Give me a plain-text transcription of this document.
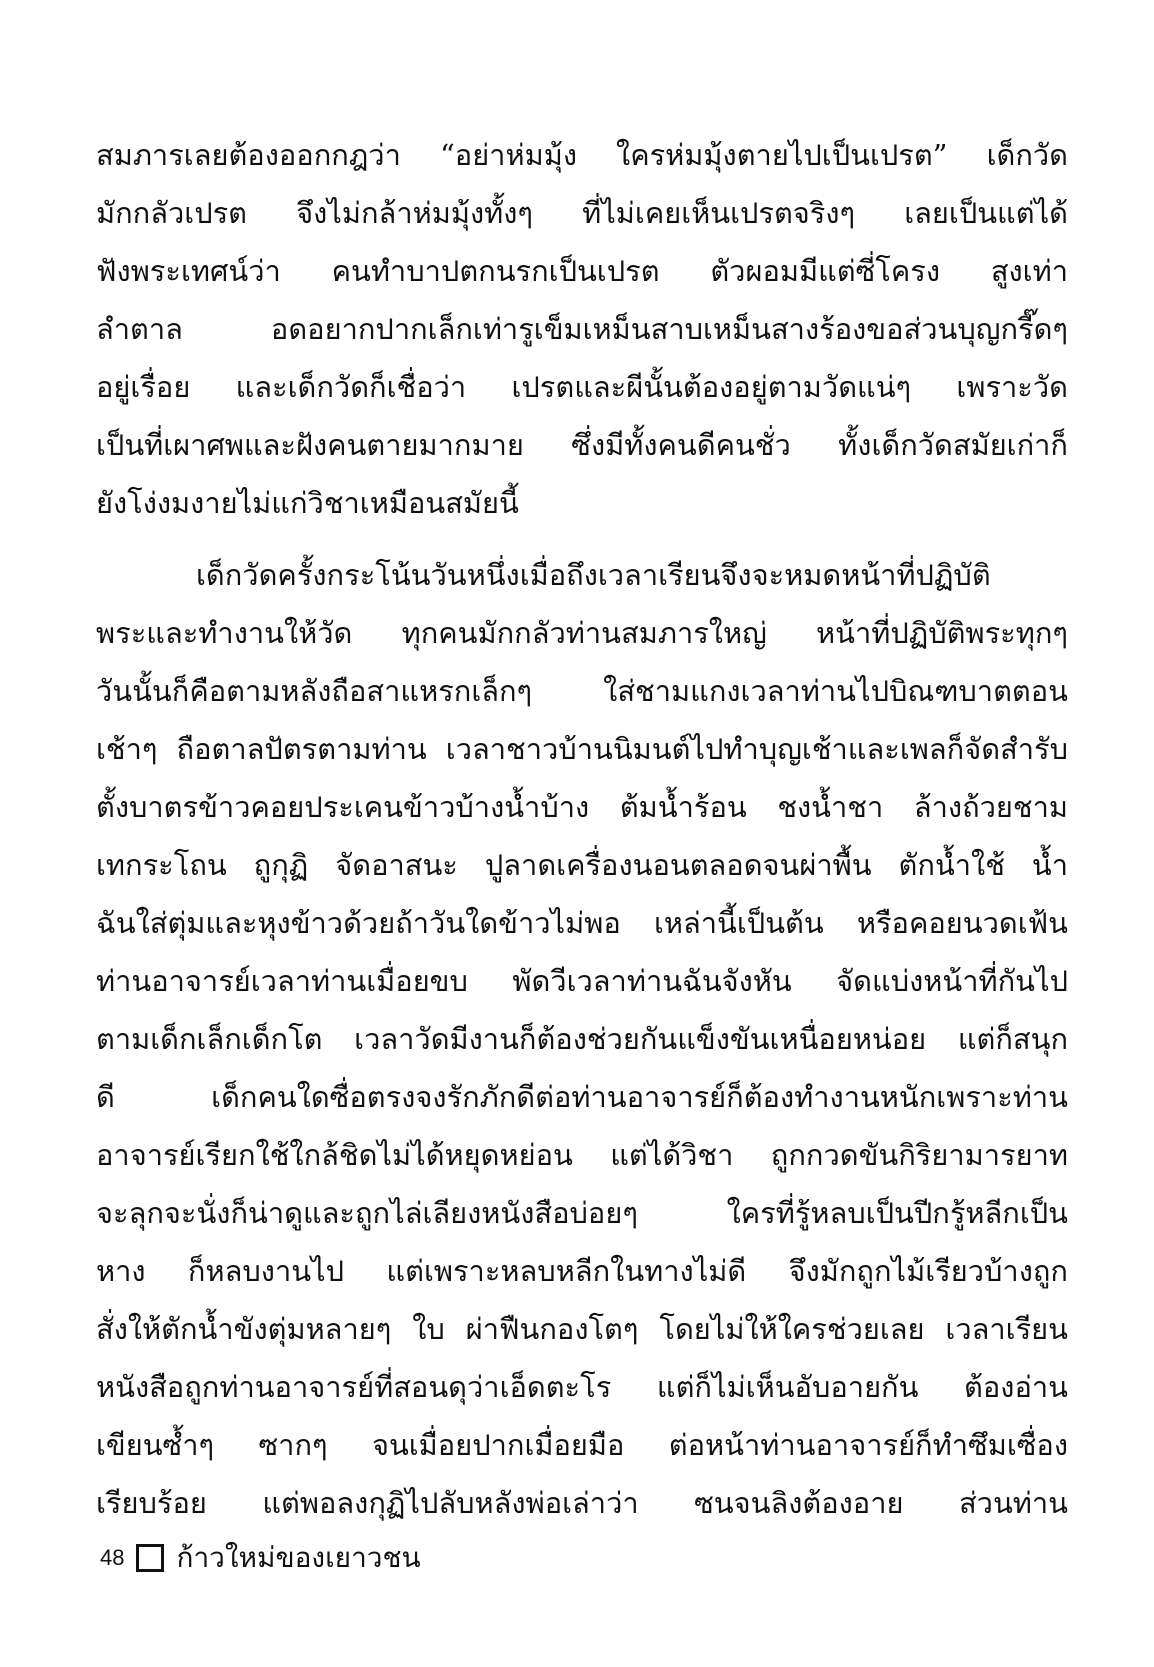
สมภารเลยต้องออกกฎว่า “อย่าห่มมุ้ง ใครห่มมุ้งตายไปเป็นเปรต” เด็กวัด
มักกลัวเปรต จึงไม่กล้าห่มมุ้งทั้งๆ ที่ไม่เคยเห็นเปรตจริงๆ เลยเป็นแต่ได้
ฟังพระเทศน์ว่า คนทำบาปตกนรกเป็นเปรต ตัวผอมมีแต่ซี่โครง สูงเท่า
ลำตาล อดอยากปากเล็กเท่ารูเข็มเหม็นสาบเหม็นสางร้องขอส่วนบุญกรี๊ดๆ
อยู่เรื่อย และเด็กวัดก็เชื่อว่า เปรตและผีนั้นต้องอยู่ตามวัดแน่ๆ เพราะวัด
เป็นที่เผาศพและฝังคนตายมากมาย ซึ่งมีทั้งคนดีคนชั่ว ทั้งเด็กวัดสมัยเก่าก็
ยังโง่งมงายไม่แก่วิชาเหมือนสมัยนี้
เด็กวัดครั้งกระโน้นวันหนึ่งเมื่อถึงเวลาเรียนจึงจะหมดหน้าที่ปฏิบัติ
พระและทำงานให้วัด ทุกคนมักกลัวท่านสมภารใหญ่ หน้าที่ปฏิบัติพระทุกๆ
วันนั้นก็คือตามหลังถือสาแหรกเล็กๆ ใส่ชามแกงเวลาท่านไปบิณฑบาตตอน
เช้าๆ ถือตาลปัตรตามท่าน เวลาชาวบ้านนิมนต์ไปทำบุญเช้าและเพลก็จัดสำรับ
ตั้งบาตรข้าวคอยประเคนข้าวบ้างน้ำบ้าง ต้มน้ำร้อน ชงน้ำชา ล้างถ้วยชาม
เทกระโถน ถูกุฏิ จัดอาสนะ ปูลาดเครื่องนอนตลอดจนผ่าพื้น ตักน้ำใช้ น้ำ
ฉันใส่ตุ่มและหุงข้าวด้วยถ้าวันใดข้าวไม่พอ เหล่านี้เป็นต้น หรือคอยนวดเฟ้น
ท่านอาจารย์เวลาท่านเมื่อยขบ พัดวีเวลาท่านฉันจังหัน จัดแบ่งหน้าที่กันไป
ตามเด็กเล็กเด็กโต เวลาวัดมีงานก็ต้องช่วยกันแข็งขันเหนื่อยหน่อย แต่ก็สนุก
ดี เด็กคนใดซื่อตรงจงรักภักดีต่อท่านอาจารย์ก็ต้องทำงานหนักเพราะท่าน
อาจารย์เรียกใช้ใกล้ชิดไม่ได้หยุดหย่อน แต่ได้วิชา ถูกกวดขันกิริยามารยาท
จะลุกจะนั่งก็น่าดูและถูกไล่เลียงหนังสือบ่อยๆ ใครที่รู้หลบเป็นปีกรู้หลีกเป็น
หาง ก็หลบงานไป แต่เพราะหลบหลีกในทางไม่ดี จึงมักถูกไม้เรียวบ้างถูก
สั่งให้ตักน้ำขังตุ่มหลายๆ ใบ ผ่าฟืนกองโตๆ โดยไม่ให้ใครช่วยเลย เวลาเรียน
หนังสือถูกท่านอาจารย์ที่สอนดุว่าเอ็ดตะโร แต่ก็ไม่เห็นอับอายกัน ต้องอ่าน
เขียนซ้ำๆ ซากๆ จนเมื่อยปากเมื่อยมือ ต่อหน้าท่านอาจารย์ก็ทำซึมเซื่อง
เรียบร้อย แต่พอลงกุฏิไปลับหลังพ่อเล่าว่า ซนจนลิงต้องอาย ส่วนท่าน
48 ก้าวใหม่ของเยาวชน
